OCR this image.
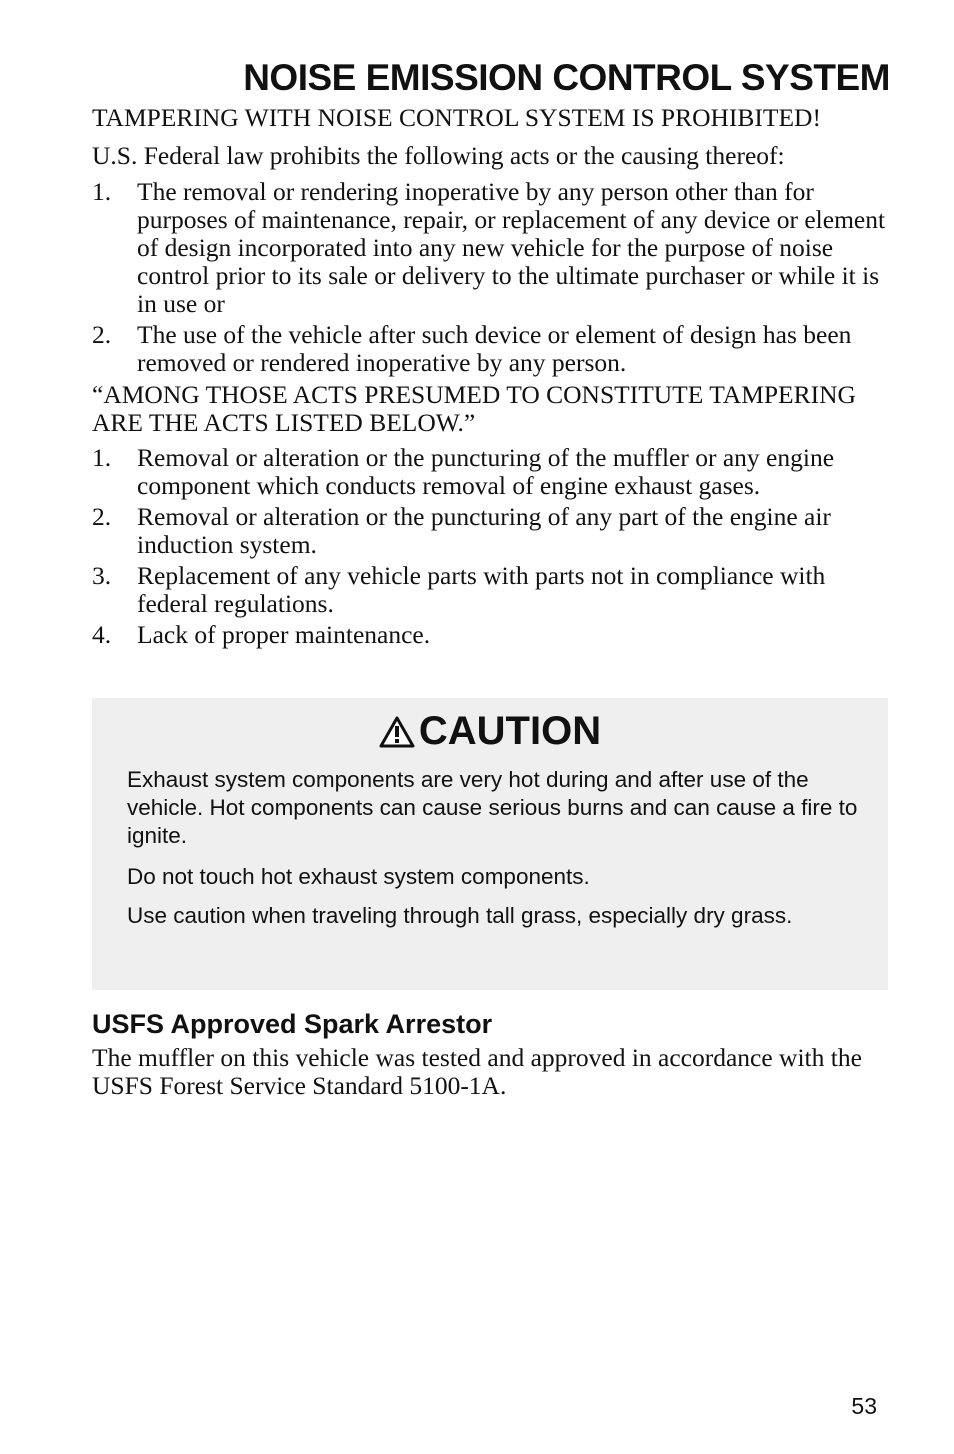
NOISE EMISSION CONTROL SYSTEM
TAMPERING WITH NOISE CONTROL SYSTEM IS PROHIBITED!
U.S. Federal law prohibits the following acts or the causing thereof:
1. The removal or rendering inoperative by any person other than for purposes of maintenance, repair, or replacement of any device or element of design incorporated into any new vehicle for the purpose of noise control prior to its sale or delivery to the ultimate purchaser or while it is in use or
2. The use of the vehicle after such device or element of design has been removed or rendered inoperative by any person.
“AMONG THOSE ACTS PRESUMED TO CONSTITUTE TAMPERING ARE THE ACTS LISTED BELOW.”
1. Removal or alteration or the puncturing of the muffler or any engine component which conducts removal of engine exhaust gases.
2. Removal or alteration or the puncturing of any part of the engine air induction system.
3. Replacement of any vehicle parts with parts not in compliance with federal regulations.
4. Lack of proper maintenance.
CAUTION
Exhaust system components are very hot during and after use of the vehicle. Hot components can cause serious burns and can cause a fire to ignite.
Do not touch hot exhaust system components.
Use caution when traveling through tall grass, especially dry grass.
USFS Approved Spark Arrestor
The muffler on this vehicle was tested and approved in accordance with the USFS Forest Service Standard 5100-1A.
53
